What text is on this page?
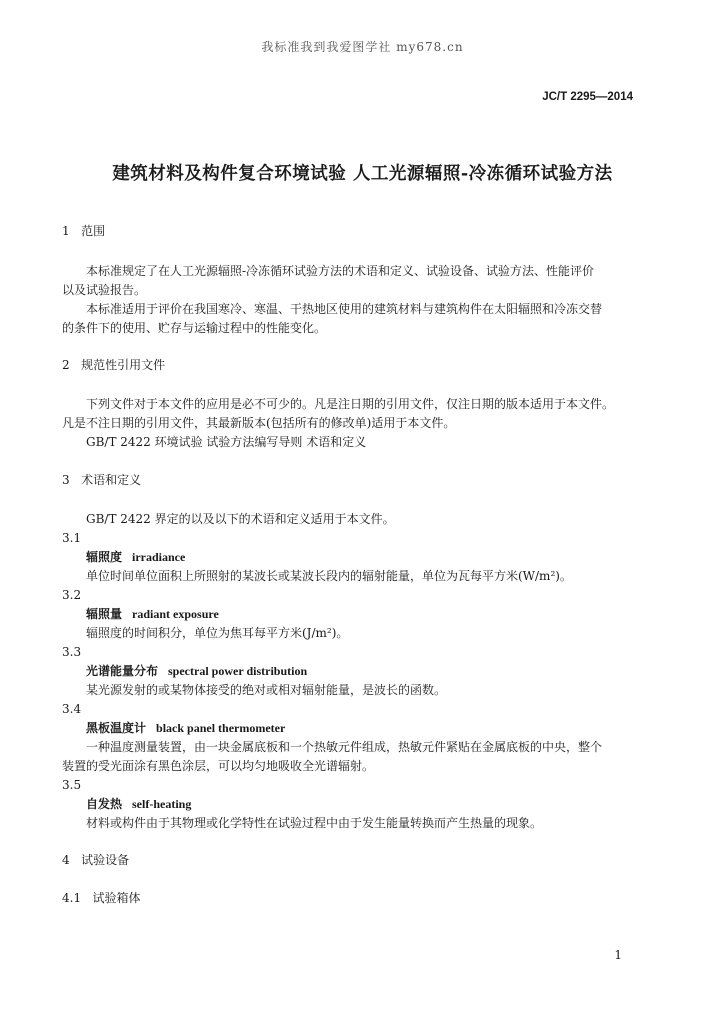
我标准我到我爱图学社 my678.cn
JC/T 2295—2014
建筑材料及构件复合环境试验 人工光源辐照-冷冻循环试验方法
1 范围
本标准规定了在人工光源辐照-冷冻循环试验方法的术语和定义、试验设备、试验方法、性能评价
以及试验报告。
本标准适用于评价在我国寒冷、寒温、干热地区使用的建筑材料与建筑构件在太阳辐照和冷冻交替
的条件下的使用、贮存与运输过程中的性能变化。
2 规范性引用文件
下列文件对于本文件的应用是必不可少的。凡是注日期的引用文件，仅注日期的版本适用于本文件。
凡是不注日期的引用文件，其最新版本(包括所有的修改单)适用于本文件。
GB/T 2422 环境试验 试验方法编写导则 术语和定义
3 术语和定义
GB/T 2422 界定的以及以下的术语和定义适用于本文件。
3.1
辐照度 irradiance
单位时间单位面积上所照射的某波长或某波长段内的辐射能量，单位为瓦每平方米(W/m²)。
3.2
辐照量 radiant exposure
辐照度的时间积分，单位为焦耳每平方米(J/m²)。
3.3
光谱能量分布 spectral power distribution
某光源发射的或某物体接受的绝对或相对辐射能量，是波长的函数。
3.4
黑板温度计 black panel thermometer
一种温度测量装置，由一块金属底板和一个热敏元件组成，热敏元件紧贴在金属底板的中央，整个
装置的受光面涂有黑色涂层，可以均匀地吸收全光谱辐射。
3.5
自发热 self-heating
材料或构件由于其物理或化学特性在试验过程中由于发生能量转换而产生热量的现象。
4 试验设备
4.1 试验箱体
1
